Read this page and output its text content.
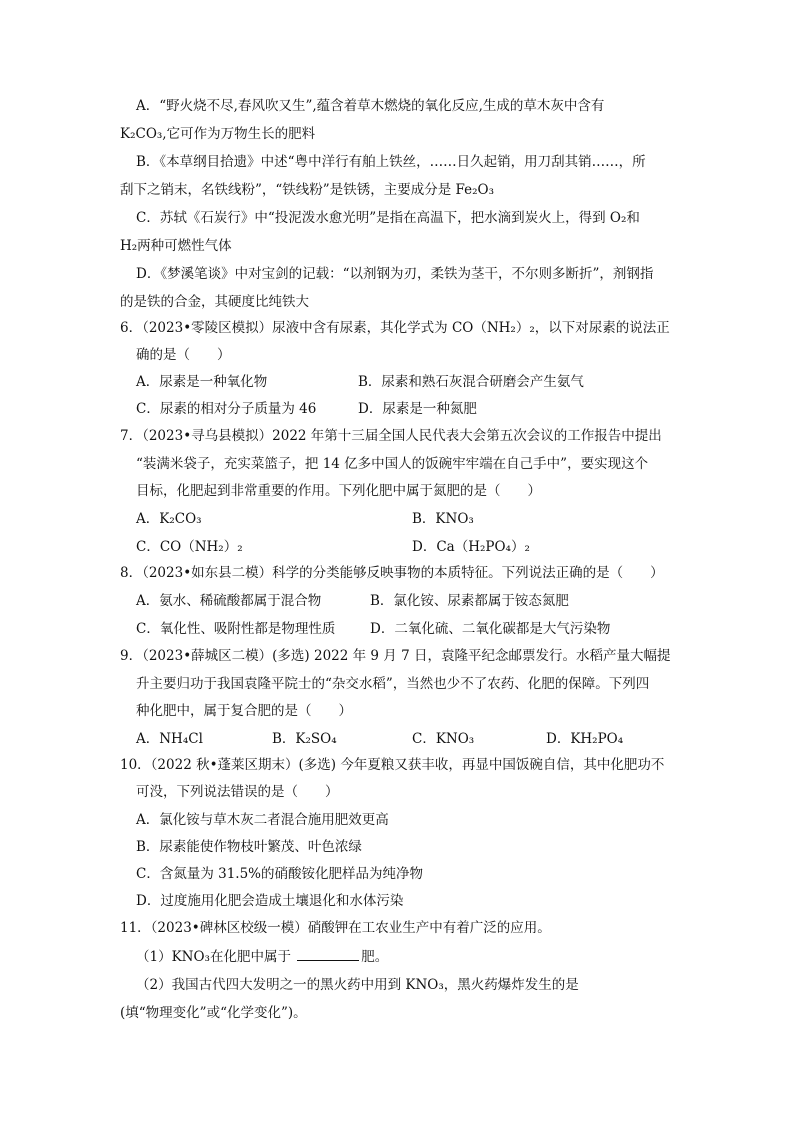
A．“野火烧不尽,春风吹又生”,蕴含着草木燃烧的氧化反应,生成的草木灰中含有
K₂CO₃,它可作为万物生长的肥料
B．《本草纲目拾遗》中述“粤中洋行有舶上铁丝，……日久起销，用刀刮其销……，所
刮下之销末，名铁线粉”，“铁线粉”是铁锈，主要成分是 Fe₂O₃
C．苏轼《石炭行》中“投泥泼水愈光明”是指在高温下，把水滴到炭火上，得到 O₂和
H₂两种可燃性气体
D．《梦溪笔谈》中对宝剑的记载：“以剂钢为刃，柔铁为茎干，不尔则多断折”，剂钢指
的是铁的合金，其硬度比纯铁大
6．（2023•零陵区模拟）尿液中含有尿素，其化学式为 CO（NH₂）₂，以下对尿素的说法正
确的是（　　）
A．尿素是一种氧化物	B．尿素和熟石灰混合研磨会产生氨气
C．尿素的相对分子质量为 46	D．尿素是一种氮肥
7．（2023•寻乌县模拟）2022 年第十三届全国人民代表大会第五次会议的工作报告中提出
“装满米袋子，充实菜篮子，把 14 亿多中国人的饭碗牢牢端在自己手中”，要实现这个
目标，化肥起到非常重要的作用。下列化肥中属于氮肥的是（　　）
A．K₂CO₃	B．KNO₃
C．CO（NH₂）₂	D．Ca（H₂PO₄）₂
8．（2023•如东县二模）科学的分类能够反映事物的本质特征。下列说法正确的是（　　）
A．氨水、稀硫酸都属于混合物	B．氯化铵、尿素都属于铵态氮肥
C．氧化性、吸附性都是物理性质	D．二氧化硫、二氧化碳都是大气污染物
9．（2023•薛城区二模）(多选) 2022 年 9 月 7 日，袁隆平纪念邮票发行。水稻产量大幅提
升主要归功于我国袁隆平院士的“杂交水稻”，当然也少不了农药、化肥的保障。下列四
种化肥中，属于复合肥的是（　　）
A．NH₄Cl	B．K₂SO₄	C．KNO₃	D．KH₂PO₄
10．（2022 秋•蓬莱区期末）(多选) 今年夏粮又获丰收，再显中国饭碗自信，其中化肥功不
可没，下列说法错误的是（　　）
A．氯化铵与草木灰二者混合施用肥效更高
B．尿素能使作物枝叶繁茂、叶色浓绿
C．含氮量为 31.5%的硝酸铵化肥样品为纯净物
D．过度施用化肥会造成土壤退化和水体污染
11．（2023•碑林区校级一模）硝酸钾在工农业生产中有着广泛的应用。
（1）KNO₃在化肥中属于	肥。
（2）我国古代四大发明之一的黑火药中用到 KNO₃，黑火药爆炸发生的是
(填“物理变化”或“化学变化”)。
